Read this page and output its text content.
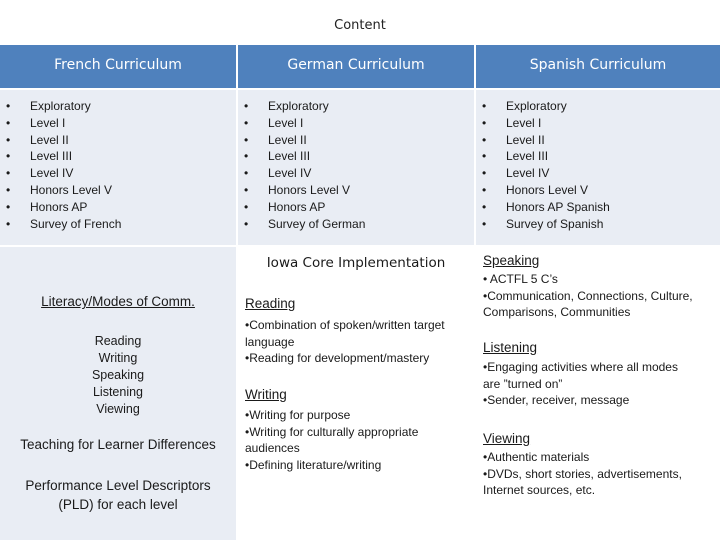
Content
French Curriculum	German Curriculum	Spanish Curriculum
• Exploratory
• Level I
• Level II
• Level III
• Level IV
• Honors Level V
• Honors AP
• Survey of French
• Exploratory
• Level I
• Level II
• Level III
• Level IV
• Honors Level V
• Honors AP
• Survey of German
• Exploratory
• Level I
• Level II
• Level III
• Level IV
• Honors Level V
• Honors AP Spanish
• Survey of Spanish
Literacy/Modes of Comm.
Reading
Writing
Speaking
Listening
Viewing
Teaching for Learner Differences
Performance Level Descriptors
(PLD) for each level
Iowa Core Implementation
Reading
•Combination of spoken/written target
language
•Reading for development/mastery
Writing
•Writing for purpose
•Writing for culturally appropriate
audiences
•Defining literature/writing
Speaking
• ACTFL 5 C’s
•Communication, Connections, Culture,
Comparisons, Communities
Listening
•Engaging activities where all modes
are ”turned on”
•Sender, receiver, message
Viewing
•Authentic materials
•DVDs, short stories, advertisements,
Internet sources, etc.
